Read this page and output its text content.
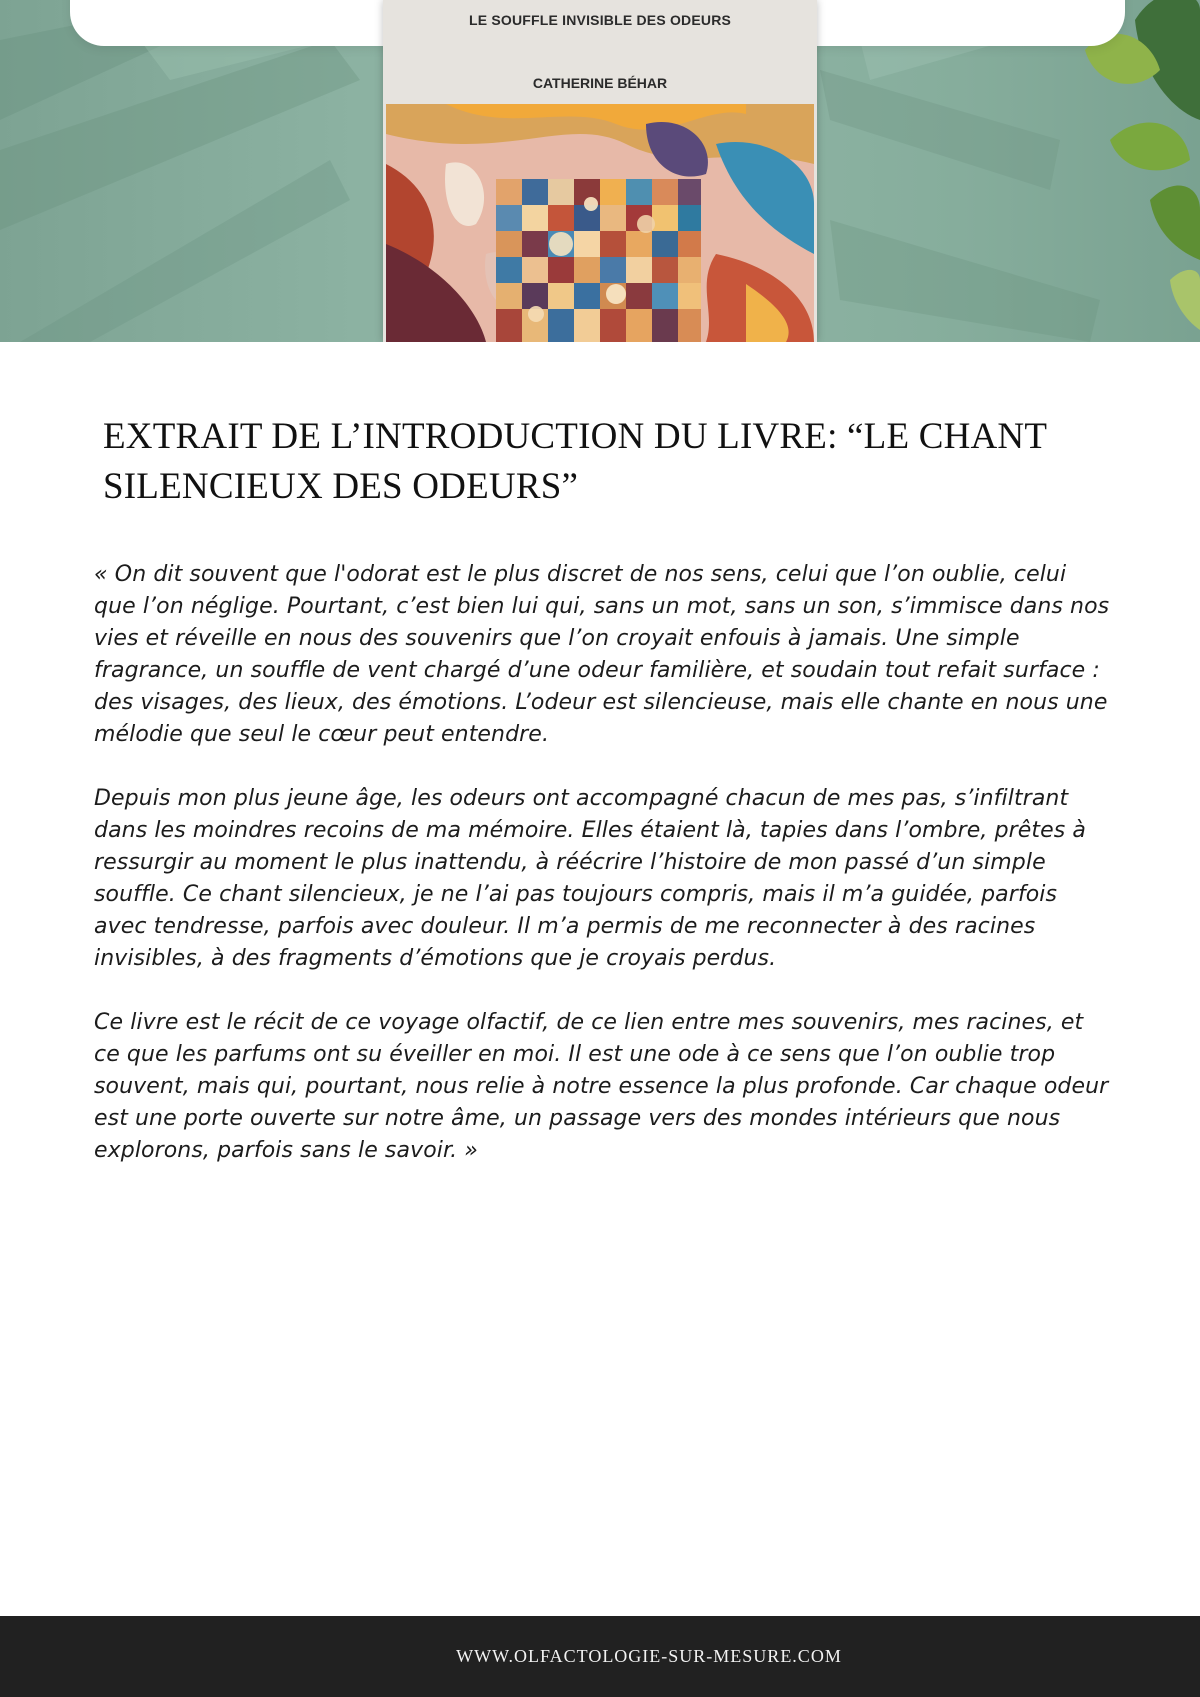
LE SOUFFLE INVISIBLE DES ODEURS
CATHERINE BÉHAR
EXTRAIT DE L’INTRODUCTION DU LIVRE: “LE CHANT SILENCIEUX DES ODEURS”

« On dit souvent que l'odorat est le plus discret de nos sens, celui que l’on oublie, celui que l’on néglige. Pourtant, c’est bien lui qui, sans un mot, sans un son, s’immisce dans nos vies et réveille en nous des souvenirs que l’on croyait enfouis à jamais. Une simple fragrance, un souffle de vent chargé d’une odeur familière, et soudain tout refait surface : des visages, des lieux, des émotions. L’odeur est silencieuse, mais elle chante en nous une mélodie que seul le cœur peut entendre.

Depuis mon plus jeune âge, les odeurs ont accompagné chacun de mes pas, s’infiltrant dans les moindres recoins de ma mémoire. Elles étaient là, tapies dans l’ombre, prêtes à ressurgir au moment le plus inattendu, à réécrire l’histoire de mon passé d’un simple souffle. Ce chant silencieux, je ne l’ai pas toujours compris, mais il m’a guidée, parfois avec tendresse, parfois avec douleur. Il m’a permis de me reconnecter à des racines invisibles, à des fragments d’émotions que je croyais perdus.

Ce livre est le récit de ce voyage olfactif, de ce lien entre mes souvenirs, mes racines, et ce que les parfums ont su éveiller en moi. Il est une ode à ce sens que l’on oublie trop souvent, mais qui, pourtant, nous relie à notre essence la plus profonde. Car chaque odeur est une porte ouverte sur notre âme, un passage vers des mondes intérieurs que nous explorons, parfois sans le savoir. »

WWW.OLFACTOLOGIE-SUR-MESURE.COM
